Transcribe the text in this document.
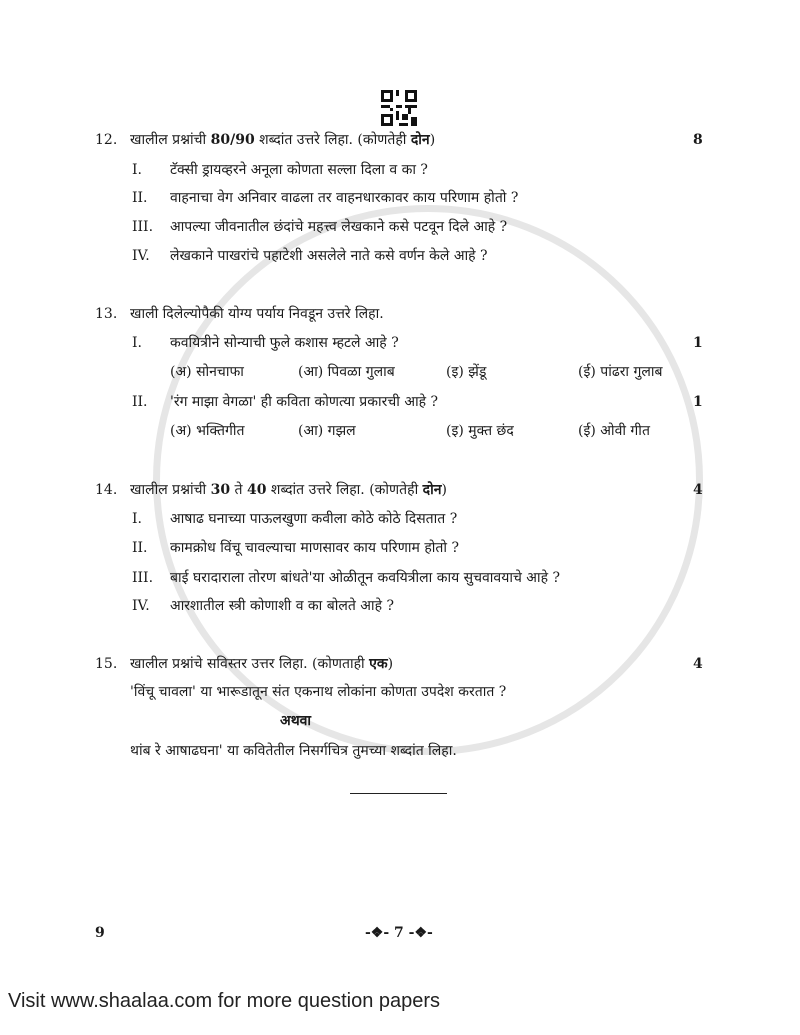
12. खालील प्रश्नांची 80/90 शब्दांत उत्तरे लिहा. (कोणतेही दोन)	8
I. टॅक्सी ड्रायव्हरने अनूला कोणता सल्ला दिला व का ?
II. वाहनाचा वेग अनिवार वाढला तर वाहनधारकावर काय परिणाम होतो ?
III. आपल्या जीवनातील छंदांचे महत्त्व लेखकाने कसे पटवून दिले आहे ?
IV. लेखकाने पाखरांचे पहाटेशी असलेले नाते कसे वर्णन केले आहे ?
13. खाली दिलेल्योपैकी योग्य पर्याय निवडून उत्तरे लिहा.
I. कवयित्रीने सोन्याची फुले कशास म्हटले आहे ?	1
(अ) सोनचाफा	(आ) पिवळा गुलाब	(इ) झेंडू	(ई) पांढरा गुलाब
II. 'रंग माझा वेगळा' ही कविता कोणत्या प्रकारची आहे ?	1
(अ) भक्तिगीत	(आ) गझल	(इ) मुक्त छंद	(ई) ओवी गीत
14. खालील प्रश्नांची 30 ते 40 शब्दांत उत्तरे लिहा. (कोणतेही दोन)	4
I. आषाढ घनाच्या पाऊलखुणा कवीला कोठे कोठे दिसतात ?
II. कामक्रोध विंचू चावल्याचा माणसावर काय परिणाम होतो ?
III. बाई घरादाराला तोरण बांधते'या ओळीतून कवयित्रीला काय सुचवावयाचे आहे ?
IV. आरशातील स्त्री कोणाशी व का बोलते आहे ?
15. खालील प्रश्नांचे सविस्तर उत्तर लिहा. (कोणताही एक)	4
'विंचू चावला' या भारूडातून संत एकनाथ लोकांना कोणता उपदेश करतात ?
अथवा
थांब रे आषाढघना' या कवितेतील निसर्गचित्र तुमच्या शब्दांत लिहा.
9	-❖- 7 -❖-
Visit www.shaalaa.com for more question papers
